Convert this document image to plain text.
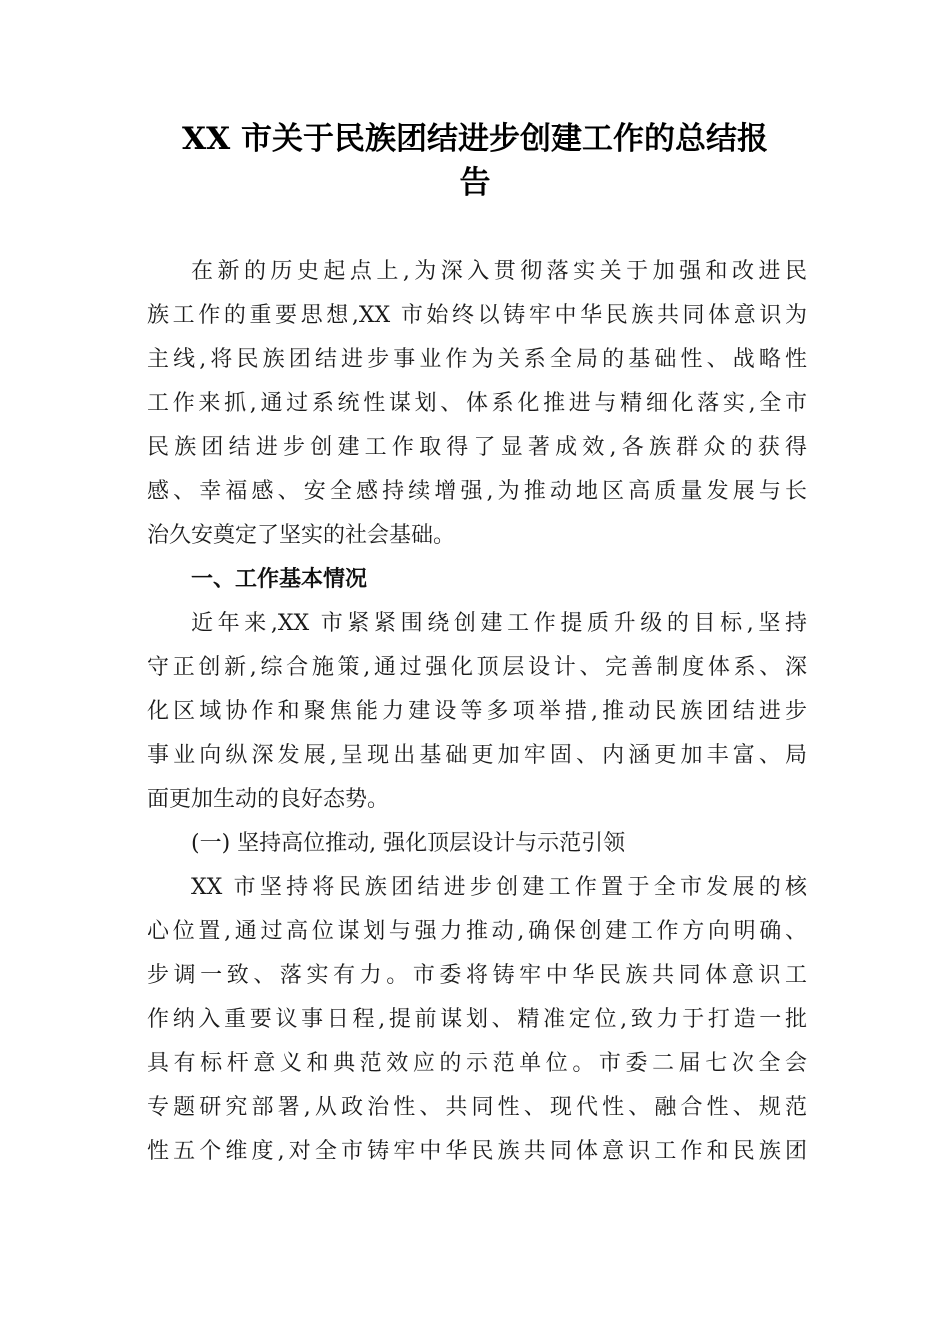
XX 市关于民族团结进步创建工作的总结报
告
在新的历史起点上,为深入贯彻落实关于加强和改进民
族工作的重要思想,XX 市始终以铸牢中华民族共同体意识为
主线,将民族团结进步事业作为关系全局的基础性、战略性
工作来抓,通过系统性谋划、体系化推进与精细化落实,全市
民族团结进步创建工作取得了显著成效,各族群众的获得
感、幸福感、安全感持续增强,为推动地区高质量发展与长
治久安奠定了坚实的社会基础。
一、工作基本情况
近年来,XX 市紧紧围绕创建工作提质升级的目标,坚持
守正创新,综合施策,通过强化顶层设计、完善制度体系、深
化区域协作和聚焦能力建设等多项举措,推动民族团结进步
事业向纵深发展,呈现出基础更加牢固、内涵更加丰富、局
面更加生动的良好态势。
(一) 坚持高位推动, 强化顶层设计与示范引领
XX 市坚持将民族团结进步创建工作置于全市发展的核
心位置,通过高位谋划与强力推动,确保创建工作方向明确、
步调一致、落实有力。市委将铸牢中华民族共同体意识工
作纳入重要议事日程,提前谋划、精准定位,致力于打造一批
具有标杆意义和典范效应的示范单位。市委二届七次全会
专题研究部署,从政治性、共同性、现代性、融合性、规范
性五个维度,对全市铸牢中华民族共同体意识工作和民族团
